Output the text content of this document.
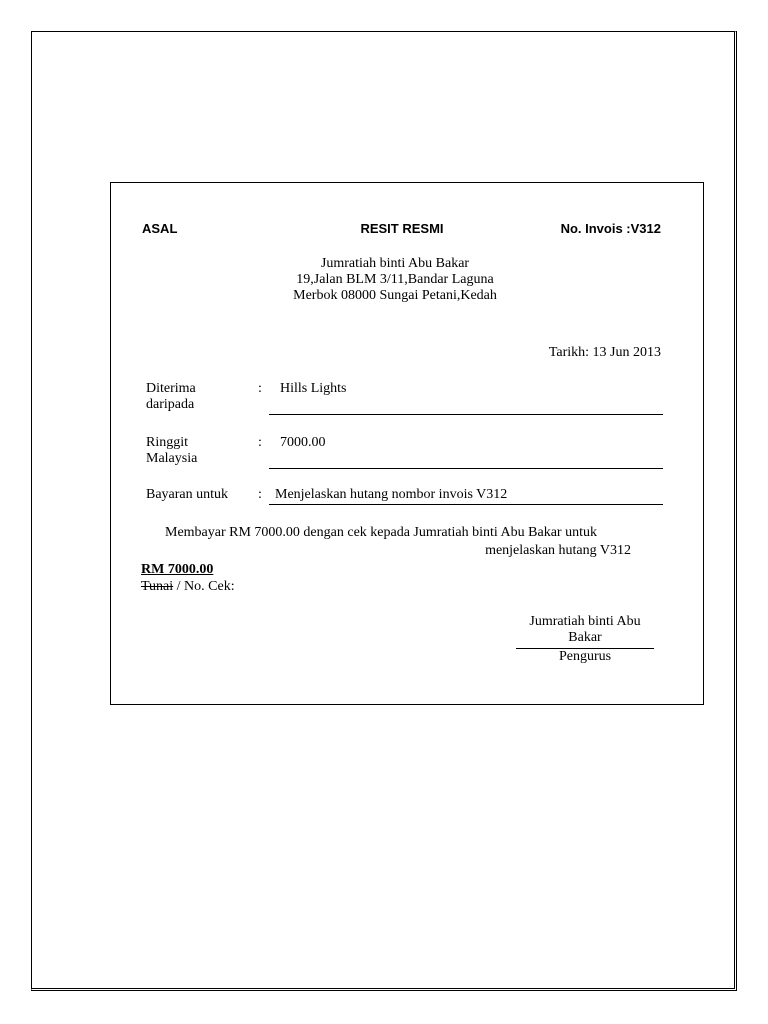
ASAL	RESIT RESMI	No. Invois :V312
Jumratiah binti Abu Bakar
19,Jalan BLM 3/11,Bandar Laguna
Merbok 08000 Sungai Petani,Kedah
Tarikh: 13 Jun 2013
Diterima
daripada
:	Hills Lights
Ringgit
Malaysia
:	7000.00
Bayaran untuk : Menjelaskan hutang nombor invois V312
Membayar RM 7000.00 dengan cek kepada Jumratiah binti Abu Bakar untuk
menjelaskan hutang V312
RM 7000.00
Tunai / No. Cek:
Jumratiah binti Abu
Bakar
Pengurus
